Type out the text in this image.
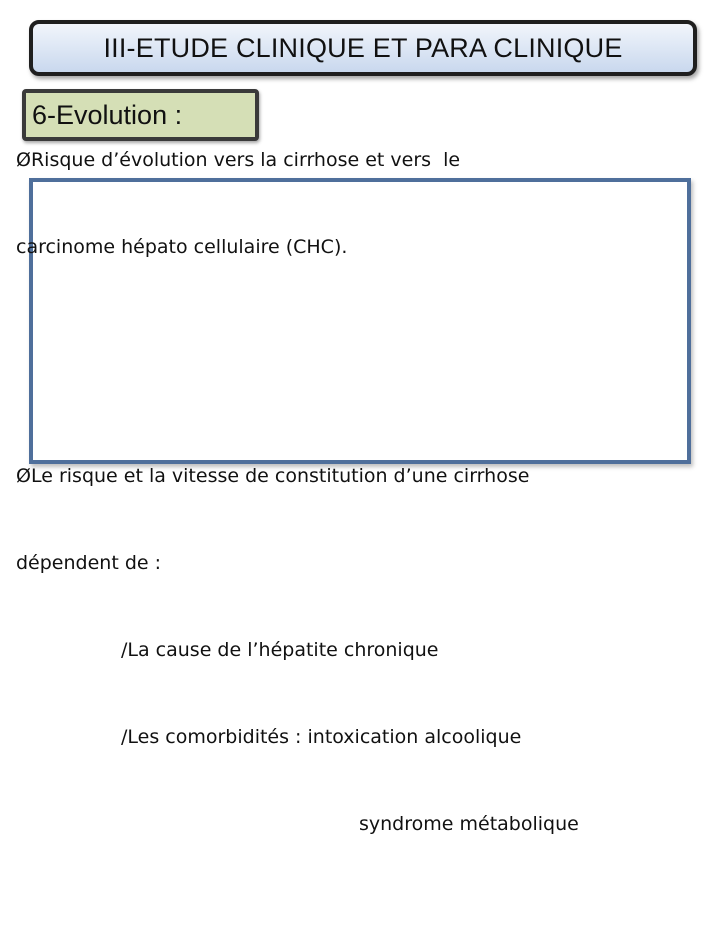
III-ETUDE CLINIQUE ET PARA CLINIQUE
6-Evolution :

ØRisque d’évolution vers la cirrhose et vers  le

carcinome hépato cellulaire (CHC).

ØLe risque et la vitesse de constitution d’une cirrhose

dépendent de :

/La cause de l’hépatite chronique

/Les comorbidités : intoxication alcoolique

syndrome métabolique
